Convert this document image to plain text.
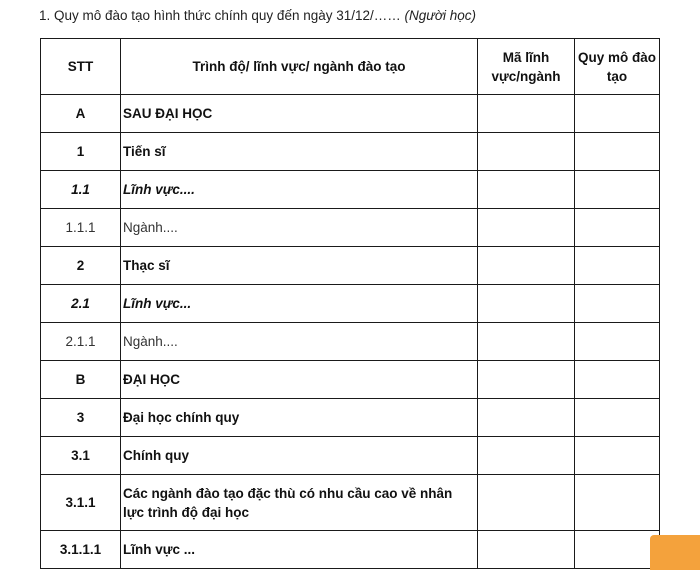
1. Quy mô đào tạo hình thức chính quy đến ngày 31/12/…… (Người học)
STT	Trình độ/ lĩnh vực/ ngành đào tạo	Mã lĩnh vực/ngành	Quy mô đào tạo
A	SAU ĐẠI HỌC		
1	Tiến sĩ		
1.1	Lĩnh vực....		
1.1.1	Ngành....		
2	Thạc sĩ		
2.1	Lĩnh vực...		
2.1.1	Ngành....		
B	ĐẠI HỌC		
3	Đại học chính quy		
3.1	Chính quy		
3.1.1	Các ngành đào tạo đặc thù có nhu cầu cao về nhân lực trình độ đại học		
3.1.1.1	Lĩnh vực ...		
